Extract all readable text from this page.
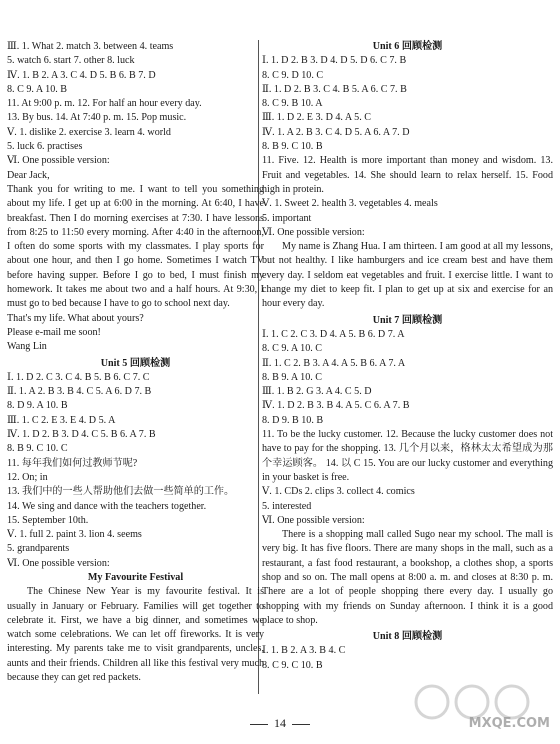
Ⅲ. 1. What 2. match 3. between 4. teams
5. watch 6. start 7. other 8. luck
Ⅳ. 1. B 2. A 3. C 4. D 5. B 6. B 7. D
8. C 9. A 10. B
11. At 9:00 p. m. 12. For half an hour every day.
13. By bus. 14. At 7:40 p. m. 15. Pop music.
Ⅴ. 1. dislike 2. exercise 3. learn 4. world
5. luck 6. practises
Ⅵ. One possible version:
Dear Jack,
Thank you for writing to me. I want to tell you something about my life. I get up at 6:00 in the morning. At 6:40, I have breakfast. Then I do morning exercises at 7:30. I have lessons from 8:25 to 11:50 every morning. After 4:40 in the afternoon, I often do some sports with my classmates. I play sports for about one hour, and then I go home. Sometimes I watch TV before having supper. Before I go to bed, I must finish my homework. It takes me about two and a half hours. At 9:30, I must go to bed because I have to go to school next day.
That's my life. What about yours?
Please e-mail me soon!
Wang Lin
Unit 5 回顾检测
Ⅰ. 1. D 2. C 3. C 4. B 5. B 6. C 7. C
Ⅱ. 1. A 2. B 3. B 4. C 5. A 6. D 7. B
8. D 9. A 10. B
Ⅲ. 1. C 2. E 3. E 4. D 5. A
Ⅳ. 1. D 2. B 3. D 4. C 5. B 6. A 7. B
8. B 9. C 10. C
11. 每年我们如何过教师节呢?
12. On; in
13. 我们中的一些人帮助他们去做一些简单的工作。
14. We sing and dance with the teachers together.
15. September 10th.
Ⅴ. 1. full 2. paint 3. lion 4. seems
5. grandparents
Ⅵ. One possible version:
My Favourite Festival
The Chinese New Year is my favourite festival. It is usually in January or February. Families will get together to celebrate it. First, we have a big dinner, and sometimes we watch some celebrations. We can let off fireworks. It is very interesting. My parents take me to visit grandparents, uncles, aunts and their friends. Children all like this festival very much because they can get red packets.
Unit 6 回顾检测
Ⅰ. 1. D 2. B 3. D 4. D 5. D 6. C 7. B
8. C 9. D 10. C
Ⅱ. 1. D 2. B 3. C 4. B 5. A 6. C 7. B
8. C 9. B 10. A
Ⅲ. 1. D 2. E 3. D 4. A 5. C
Ⅳ. 1. A 2. B 3. C 4. D 5. A 6. A 7. D
8. B 9. C 10. B
11. Five. 12. Health is more important than money and wisdom. 13. Fruit and vegetables. 14. She should learn to relax herself. 15. Food high in protein.
Ⅴ. 1. Sweet 2. health 3. vegetables 4. meals
5. important
Ⅵ. One possible version:
My name is Zhang Hua. I am thirteen. I am good at all my lessons, but not healthy. I like hamburgers and ice cream best and have them every day. I seldom eat vegetables and fruit. I exercise little. I want to change my diet to keep fit. I plan to get up at six and exercise for an hour every day.
Unit 7 回顾检测
Ⅰ. 1. C 2. C 3. D 4. A 5. B 6. D 7. A
8. C 9. A 10. C
Ⅱ. 1. C 2. B 3. A 4. A 5. B 6. A 7. A
8. B 9. A 10. C
Ⅲ. 1. B 2. G 3. A 4. C 5. D
Ⅳ. 1. D 2. B 3. B 4. A 5. C 6. A 7. B
8. D 9. B 10. B
11. To be the lucky customer. 12. Because the lucky customer does not have to pay for the shopping. 13. 几个月以来，格林太太希望成为那个幸运顾客。 14. 以 C 15. You are our lucky customer and everything in your basket is free.
Ⅴ. 1. CDs 2. clips 3. collect 4. comics
5. interested
Ⅵ. One possible version:
There is a shopping mall called Sugo near my school. The mall is very big. It has five floors. There are many shops in the mall, such as a restaurant, a fast food restaurant, a bookshop, a clothes shop, a sports shop and so on. The mall opens at 8:00 a. m. and closes at 8:30 p. m. There are a lot of people shopping there every day. I usually go shopping with my friends on Sunday afternoon. I think it is a good place to shop.
Unit 8 回顾检测
Ⅰ. 1. B 2. A 3. B 4. C
8. C 9. C 10. B
14	MXQE.COM
